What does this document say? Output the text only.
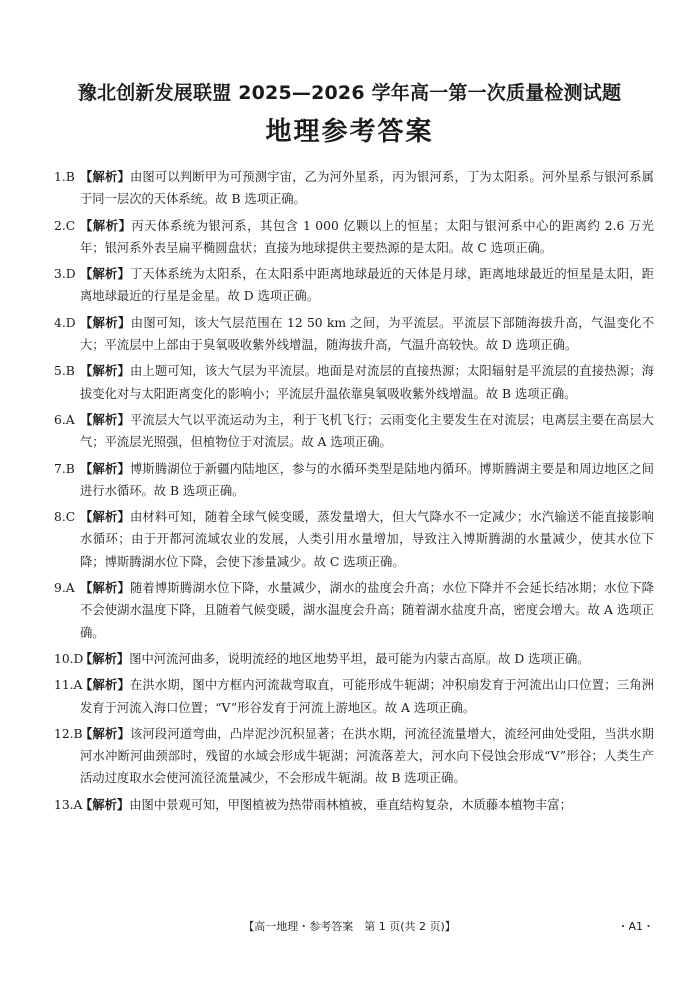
豫北创新发展联盟 2025—2026 学年高一第一次质量检测试题
地理参考答案
1.B 【解析】由图可以判断甲为可预测宇宙，乙为河外星系，丙为银河系，丁为太阳系。河外星系与银河系属于同一层次的天体系统。故 B 选项正确。
2.C 【解析】丙天体系统为银河系，其包含 1 000 亿颗以上的恒星；太阳与银河系中心的距离约 2.6 万光年；银河系外表呈扁平椭圆盘状；直接为地球提供主要热源的是太阳。故 C 选项正确。
3.D 【解析】丁天体系统为太阳系，在太阳系中距离地球最近的天体是月球，距离地球最近的恒星是太阳，距离地球最近的行星是金星。故 D 选项正确。
4.D 【解析】由图可知，该大气层范围在 12 50 km 之间，为平流层。平流层下部随海拔升高，气温变化不大；平流层中上部由于臭氧吸收紫外线增温，随海拔升高，气温升高较快。故 D 选项正确。
5.B 【解析】由上题可知，该大气层为平流层。地面是对流层的直接热源；太阳辐射是平流层的直接热源；海拔变化对与太阳距离变化的影响小；平流层升温依靠臭氧吸收紫外线增温。故 B 选项正确。
6.A 【解析】平流层大气以平流运动为主，利于飞机飞行；云雨变化主要发生在对流层；电离层主要在高层大气；平流层光照强，但植物位于对流层。故 A 选项正确。
7.B 【解析】博斯腾湖位于新疆内陆地区，参与的水循环类型是陆地内循环。博斯腾湖主要是和周边地区之间进行水循环。故 B 选项正确。
8.C 【解析】由材料可知，随着全球气候变暖，蒸发量增大，但大气降水不一定减少；水汽输送不能直接影响水循环；由于开都河流域农业的发展，人类引用水量增加，导致注入博斯腾湖的水量减少，使其水位下降；博斯腾湖水位下降，会使下渗量减少。故 C 选项正确。
9.A 【解析】随着博斯腾湖水位下降，水量减少，湖水的盐度会升高；水位下降并不会延长结冰期；水位下降不会使湖水温度下降，且随着气候变暖，湖水温度会升高；随着湖水盐度升高，密度会增大。故 A 选项正确。
10.D
【解析】图中河流河曲多，说明流经的地区地势平坦，最可能为内蒙古高原。故 D 选项正确。
11.A
【解析】在洪水期，图中方框内河流裁弯取直，可能形成牛轭湖；冲积扇发育于河流出山口位置；三角洲发育于河流入海口位置；“V”形谷发育于河流上游地区。故 A 选项正确。
12.B
【解析】该河段河道弯曲，凸岸泥沙沉积显著；在洪水期，河流径流量增大，流经河曲处受阻，当洪水期河水冲断河曲颈部时，残留的水域会形成牛轭湖；河流落差大，河水向下侵蚀会形成“V”形谷；人类生产活动过度取水会使河流径流量减少，不会形成牛轭湖。故 B 选项正确。
13.A
【解析】由图中景观可知，甲图植被为热带雨林植被，垂直结构复杂，木质藤本植物丰富；
【高一地理・参考答案　第 1 页(共 2 页)】	・A1・
